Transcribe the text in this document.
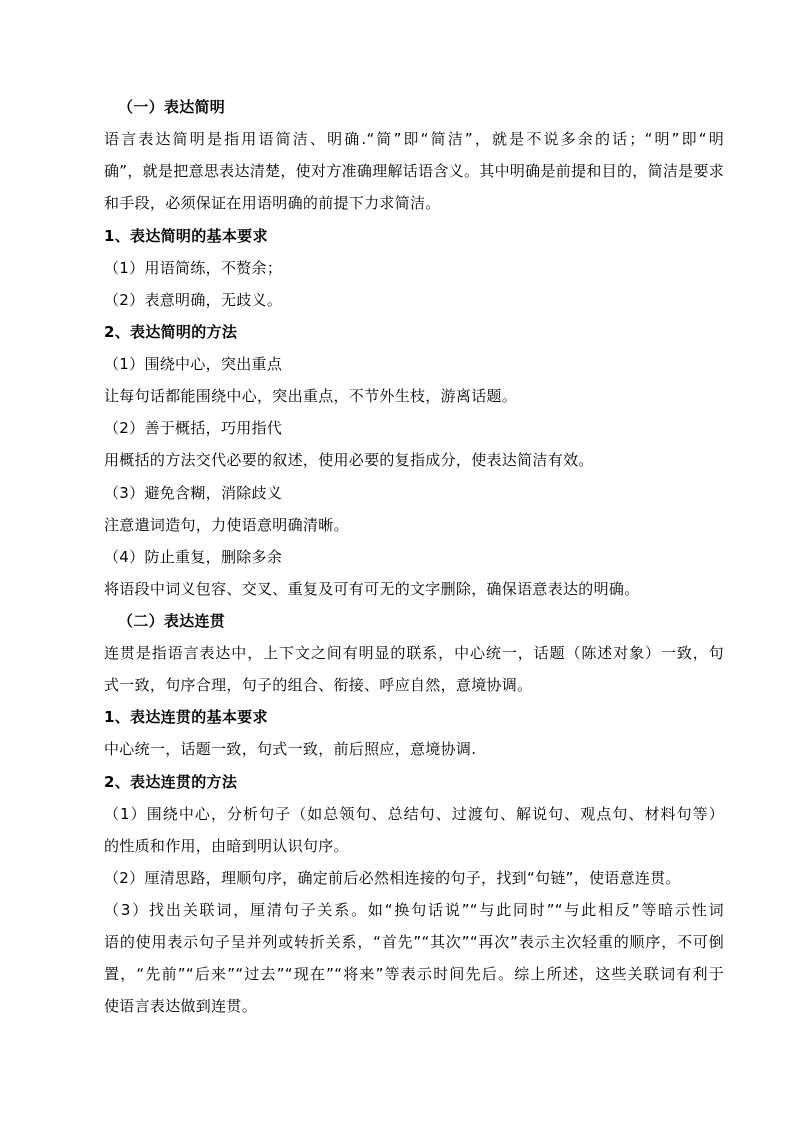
（一）表达简明
语言表达简明是指用语简洁、明确.“简”即“简洁”，就是不说多余的话；“明”即“明
确”，就是把意思表达清楚，使对方准确理解话语含义。其中明确是前提和目的，简洁是要求
和手段，必须保证在用语明确的前提下力求简洁。
1、表达简明的基本要求
（1）用语简练，不赘余；
（2）表意明确，无歧义。
2、表达简明的方法
（1）围绕中心，突出重点
让每句话都能围绕中心，突出重点，不节外生枝，游离话题。
（2）善于概括，巧用指代
用概括的方法交代必要的叙述，使用必要的复指成分，使表达简洁有效。
（3）避免含糊，消除歧义
注意遣词造句，力使语意明确清晰。
（4）防止重复，删除多余
将语段中词义包容、交叉、重复及可有可无的文字删除，确保语意表达的明确。
（二）表达连贯
连贯是指语言表达中，上下文之间有明显的联系，中心统一，话题（陈述对象）一致，句
式一致，句序合理，句子的组合、衔接、呼应自然，意境协调。
1、表达连贯的基本要求
中心统一，话题一致，句式一致，前后照应，意境协调.
2、表达连贯的方法
（1）围绕中心，分析句子（如总领句、总结句、过渡句、解说句、观点句、材料句等）
的性质和作用，由暗到明认识句序。
（2）厘清思路，理顺句序，确定前后必然相连接的句子，找到“句链”，使语意连贯。
（3）找出关联词，厘清句子关系。如“换句话说”“与此同时”“与此相反”等暗示性词
语的使用表示句子呈并列或转折关系，“首先”“其次”“再次”表示主次轻重的顺序，不可倒
置，“先前”“后来”“过去”“现在”“将来”等表示时间先后。综上所述，这些关联词有利于
使语言表达做到连贯。
